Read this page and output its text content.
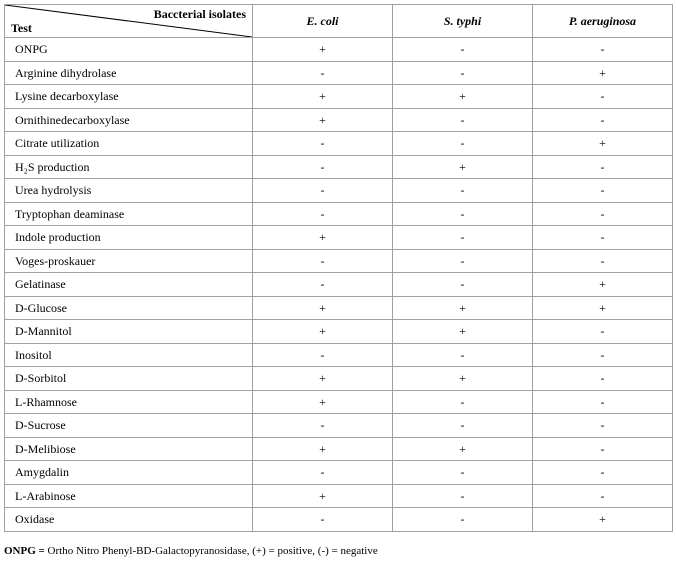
Baccterial isolates
Test	E. coli	S. typhi	P. aeruginosa
ONPG	+	-	-
Arginine dihydrolase	-	-	+
Lysine decarboxylase	+	+	-
Ornithinedecarboxylase	+	-	-
Citrate utilization	-	-	+
H₂S production	-	+	-
Urea hydrolysis	-	-	-
Tryptophan deaminase	-	-	-
Indole production	+	-	-
Voges-proskauer	-	-	-
Gelatinase	-	-	+
D-Glucose	+	+	+
D-Mannitol	+	+	-
Inositol	-	-	-
D-Sorbitol	+	+	-
L-Rhamnose	+	-	-
D-Sucrose	-	-	-
D-Melibiose	+	+	-
Amygdalin	-	-	-
L-Arabinose	+	-	-
Oxidase	-	-	+
ONPG = Ortho Nitro Phenyl-BD-Galactopyranosidase, (+) = positive, (-) = negative
